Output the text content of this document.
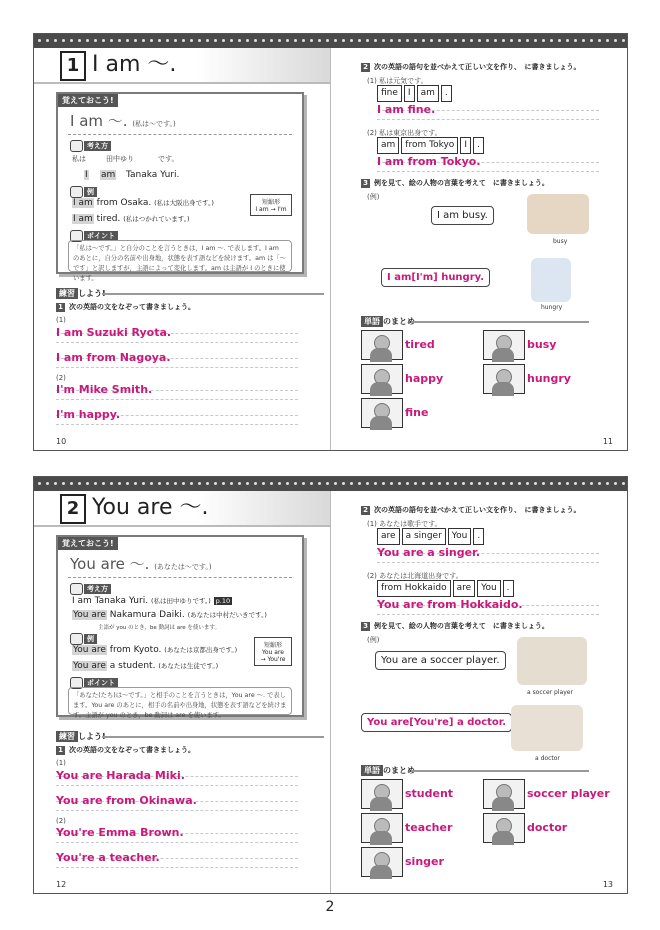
1 I am 〜.
覚えておこう!
I am 〜. (私は〜です。)
考え方
私は	田中ゆり	です。
I am Tanaka Yuri.
例
I am from Osaka. (私は大阪出身です。)
I am tired. (私はつかれています。)
短縮形
I am → I'm
ポイント
「私は〜です。」と自分のことを言うときは，I am 〜. で表します。I am のあとに，自分の名前や出身地，状態を表す語などを続けます。am は「〜です」と訳しますが，主語によって変化します。am は主語が I のときに使います。
練習 しよう!
1 次の英語の文をなぞって書きましょう。
(1)
I am Suzuki Ryota.
I am from Nagoya.
(2)
I'm Mike Smith.
I'm happy.
10
2 次の英語の語句を並べかえて正しい文を作り、　に書きましょう。
(1) 私は元気です。
fine	I	am	.
I am fine.
(2) 私は東京出身です。
am	from Tokyo	I	.
I am from Tokyo.
3 例を見て、絵の人物の言葉を考えて　に書きましょう。
(例)
I am busy.
busy
I am[I'm] hungry.
hungry
単語 のまとめ
tired	busy
happy	hungry
fine
11
2 You are 〜.
覚えておこう!
You are 〜. (あなたは〜です。)
考え方
I am Tanaka Yuri. (私は田中ゆりです。) p.10
You are Nakamura Daiki. (あなたは中村だいきです。)
主語が you のとき，be 動詞は are を使います。
例
You are from Kyoto. (あなたは京都出身です。)
You are a student. (あなたは生徒です。)
短縮形
You are
→ You're
ポイント
「あなた(たち)は〜です。」と相手のことを言うときは，You are 〜. で表します。You are のあとに，相手の名前や出身地，状態を表す語などを続けます。主語が you のとき，be 動詞は are を使います。
練習 しよう!
1 次の英語の文をなぞって書きましょう。
(1)
You are Harada Miki.
You are from Okinawa.
(2)
You're Emma Brown.
You're a teacher.
12
2 次の英語の語句を並べかえて正しい文を作り、　に書きましょう。
(1) あなたは歌手です。
are	a singer	You	.
You are a singer.
(2) あなたは北海道出身です。
from Hokkaido	are	You	.
You are from Hokkaido.
3 例を見て、絵の人物の言葉を考えて　に書きましょう。
(例)
You are a soccer player.
a soccer player
You are[You're] a doctor.
a doctor
単語 のまとめ
student	soccer player
teacher	doctor
singer
13
2
